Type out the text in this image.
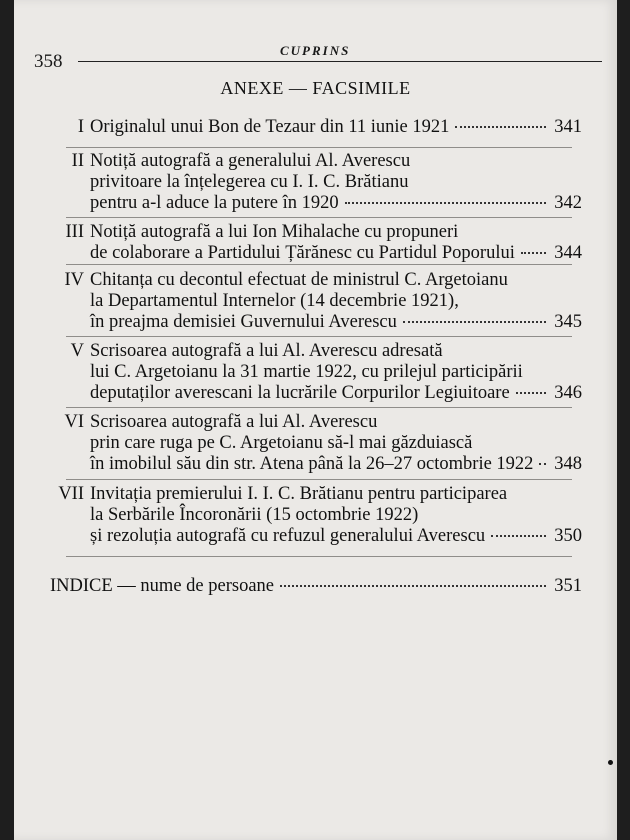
358
CUPRINS
ANEXE — FACSIMILE
I Originalul unui Bon de Tezaur din 11 iunie 1921	341
II Notiță autografă a generalului Al. Averescu
privitoare la înțelegerea cu I. I. C. Brătianu
pentru a-l aduce la putere în 1920	342
III Notiță autografă a lui Ion Mihalache cu propuneri
de colaborare a Partidului Țărănesc cu Partidul Poporului 344
IV Chitanța cu decontul efectuat de ministrul C. Argetoianu
la Departamentul Internelor (14 decembrie 1921),
în preajma demisiei Guvernului Averescu	345
V Scrisoarea autografă a lui Al. Averescu adresată
lui C. Argetoianu la 31 martie 1922, cu prilejul participării
deputaților averescani la lucrările Corpurilor Legiuitoare 346
VI Scrisoarea autografă a lui Al. Averescu
prin care ruga pe C. Argetoianu să-l mai găzduiască
în imobilul său din str. Atena până la 26–27 octombrie 1922 348
VII Invitația premierului I. I. C. Brătianu pentru participarea
la Serbările Încoronării (15 octombrie 1922)
și rezoluția autografă cu refuzul generalului Averescu	350
INDICE — nume de persoane	351
